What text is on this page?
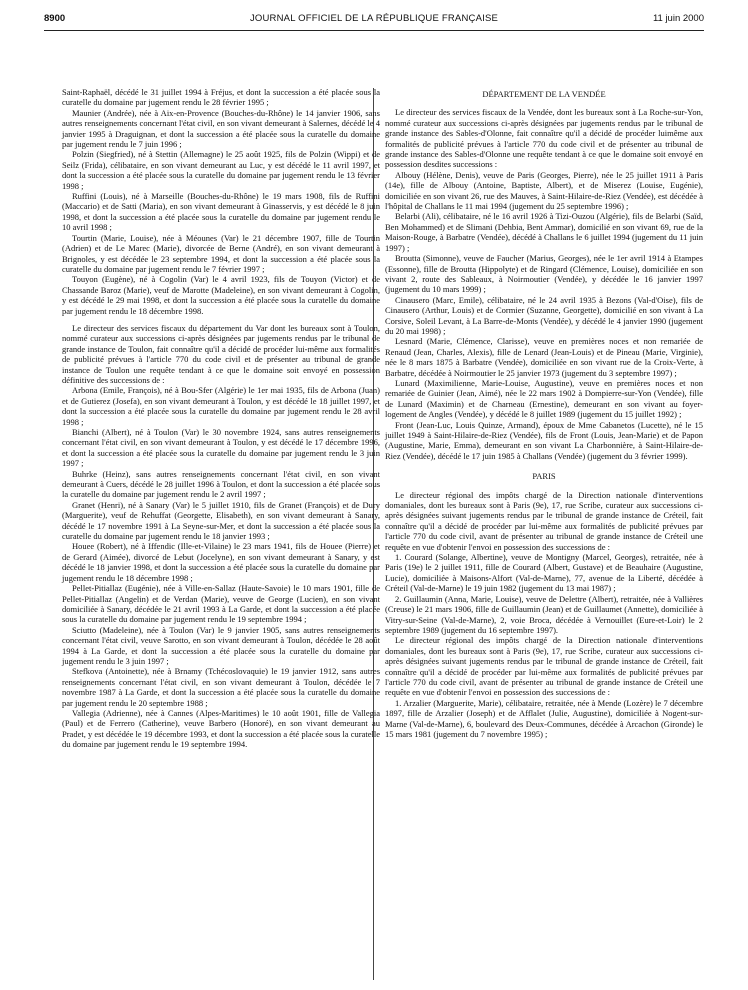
8900	JOURNAL OFFICIEL DE LA RÉPUBLIQUE FRANÇAISE	11 juin 2000

Saint-Raphaël, décédé le 31 juillet 1994 à Fréjus, et dont la succession a été placée sous la curatelle du domaine par jugement rendu le 28 février 1995 ;

Maunier (Andrée), née à Aix-en-Provence (Bouches-du-Rhône) le 14 janvier 1906, sans autres renseignements concernant l'état civil, en son vivant demeurant à Salernes, décédé le 4 janvier 1995 à Draguignan, et dont la succession a été placée sous la curatelle du domaine par jugement rendu le 7 juin 1996 ;

Polzin (Siegfried), né à Stettin (Allemagne) le 25 août 1925, fils de Polzin (Wippi) et de Seilz (Frida), célibataire, en son vivant demeurant au Luc, y est décédé le 11 avril 1997, et dont la succession a été placée sous la curatelle du domaine par jugement rendu le 13 février 1998 ;

Ruffini (Louis), né à Marseille (Bouches-du-Rhône) le 19 mars 1908, fils de Ruffini (Maccario) et de Satti (Maria), en son vivant demeurant à Ginasservis, y est décédé le 8 juin 1998, et dont la succession a été placée sous la curatelle du domaine par jugement rendu le 10 avril 1998 ;

Tourtin (Marie, Louise), née à Méounes (Var) le 21 décembre 1907, fille de Tourtin (Adrien) et de Le Marec (Marie), divorcée de Berne (André), en son vivant demeurant à Brignoles, y est décédée le 23 septembre 1994, et dont la succession a été placée sous la curatelle du domaine par jugement rendu le 7 février 1997 ;

Touyon (Eugène), né à Cogolin (Var) le 4 avril 1923, fils de Touyon (Victor) et de Chassande Baroz (Marie), veuf de Marotte (Madeleine), en son vivant demeurant à Cogolin, y est décédé le 29 mai 1998, et dont la succession a été placée sous la curatelle du domaine par jugement rendu le 18 décembre 1998.

Le directeur des services fiscaux du département du Var dont les bureaux sont à Toulon, nommé curateur aux successions ci-après désignées par jugements rendus par le tribunal de grande instance de Toulon, fait connaître qu'il a décidé de procéder lui-même aux formalités de publicité prévues à l'article 770 du code civil et de présenter au tribunal de grande instance de Toulon une requête tendant à ce que le domaine soit envoyé en possession définitive des successions de :

Arbona (Emile, François), né à Bou-Sfer (Algérie) le 1er mai 1935, fils de Arbona (Juan) et de Gutierez (Josefa), en son vivant demeurant à Toulon, y est décédé le 18 juillet 1997, et dont la succession a été placée sous la curatelle du domaine par jugement rendu le 28 avril 1998 ;

Bianchi (Albert), né à Toulon (Var) le 30 novembre 1924, sans autres renseignements concernant l'état civil, en son vivant demeurant à Toulon, y est décédé le 17 décembre 1996, et dont la succession a été placée sous la curatelle du domaine par jugement rendu le 3 juin 1997 ;

Buhrke (Heinz), sans autres renseignements concernant l'état civil, en son vivant demeurant à Cuers, décédé le 28 juillet 1996 à Toulon, et dont la succession a été placée sous la curatelle du domaine par jugement rendu le 2 avril 1997 ;

Granet (Henri), né à Sanary (Var) le 5 juillet 1910, fils de Granet (François) et de Dury (Marguerite), veuf de Rehuffat (Georgette, Elisabeth), en son vivant demeurant à Sanary, décédé le 17 novembre 1991 à La Seyne-sur-Mer, et dont la succession a été placée sous la curatelle du domaine par jugement rendu le 18 janvier 1993 ;

Houee (Robert), né à Iffendic (Ille-et-Vilaine) le 23 mars 1941, fils de Houee (Pierre) et de Gerard (Aimée), divorcé de Lebut (Jocelyne), en son vivant demeurant à Sanary, y est décédé le 18 janvier 1998, et dont la succession a été placée sous la curatelle du domaine par jugement rendu le 18 décembre 1998 ;

Pellet-Pitiallaz (Eugénie), née à Ville-en-Sallaz (Haute-Savoie) le 10 mars 1901, fille de Pellet-Pitiallaz (Angelin) et de Verdan (Marie), veuve de George (Lucien), en son vivant domiciliée à Sanary, décédée le 21 avril 1993 à La Garde, et dont la succession a été placée sous la curatelle du domaine par jugement rendu le 19 septembre 1994 ;

Sciutto (Madeleine), née à Toulon (Var) le 9 janvier 1905, sans autres renseignements concernant l'état civil, veuve Sarotto, en son vivant demeurant à Toulon, décédée le 28 août 1994 à La Garde, et dont la succession a été placée sous la curatelle du domaine par jugement rendu le 3 juin 1997 ;

Stefkova (Antoinette), née à Brnamy (Tchécoslovaquie) le 19 janvier 1912, sans autres renseignements concernant l'état civil, en son vivant demeurant à Toulon, décédée le 7 novembre 1987 à La Garde, et dont la succession a été placée sous la curatelle du domaine par jugement rendu le 20 septembre 1988 ;

Vallegia (Adrienne), née à Cannes (Alpes-Maritimes) le 10 août 1901, fille de Vallegia (Paul) et de Ferrero (Catherine), veuve Barbero (Honoré), en son vivant demeurant au Pradet, y est décédée le 19 décembre 1993, et dont la succession a été placée sous la curatelle du domaine par jugement rendu le 19 septembre 1994.

DÉPARTEMENT DE LA VENDÉE

Le directeur des services fiscaux de la Vendée, dont les bureaux sont à La Roche-sur-Yon, nommé curateur aux successions ci-après désignées par jugements rendus par le tribunal de grande instance des Sables-d'Olonne, fait connaître qu'il a décidé de procéder luimême aux formalités de publicité prévues à l'article 770 du code civil et de présenter au tribunal de grande instance des Sables-d'Olonne une requête tendant à ce que le domaine soit envoyé en possession desdites successions :

Albouy (Hélène, Denis), veuve de Paris (Georges, Pierre), née le 25 juillet 1911 à Paris (14e), fille de Albouy (Antoine, Baptiste, Albert), et de Miserez (Louise, Eugénie), domiciliée en son vivant 26, rue des Mauves, à Saint-Hilaire-de-Riez (Vendée), est décédée à l'hôpital de Challans le 11 mai 1994 (jugement du 25 septembre 1996) ;

Belarbi (Ali), célibataire, né le 16 avril 1926 à Tizi-Ouzou (Algérie), fils de Belarbi (Saïd, Ben Mohammed) et de Slimani (Dehbia, Bent Ammar), domicilié en son vivant 69, rue de la Maison-Rouge, à Barbatre (Vendée), décédé à Challans le 6 juillet 1994 (jugement du 11 juin 1997) ;

Broutta (Simonne), veuve de Faucher (Marius, Georges), née le 1er avril 1914 à Etampes (Essonne), fille de Broutta (Hippolyte) et de Ringard (Clémence, Louise), domiciliée en son vivant 2, route des Sableaux, à Noirmoutier (Vendée), y décédée le 16 janvier 1997 (jugement du 10 mars 1999) ;

Cinausero (Marc, Emile), célibataire, né le 24 avril 1935 à Bezons (Val-d'Oise), fils de Cinausero (Arthur, Louis) et de Cormier (Suzanne, Georgette), domicilié en son vivant à La Corsive, Soleil Levant, à La Barre-de-Monts (Vendée), y décédé le 4 janvier 1990 (jugement du 20 mai 1998) ;

Lesnard (Marie, Clémence, Clarisse), veuve en premières noces et non remariée de Renaud (Jean, Charles, Alexis), fille de Lenard (Jean-Louis) et de Pineau (Marie, Virginie), née le 8 mars 1875 à Barbatre (Vendée), domiciliée en son vivant rue de la Croix-Verte, à Barbatre, décédée à Noirmoutier le 25 janvier 1973 (jugement du 3 septembre 1997) ;

Lunard (Maximilienne, Marie-Louise, Augustine), veuve en premières noces et non remariée de Guinier (Jean, Aimé), née le 22 mars 1902 à Dompierre-sur-Yon (Vendée), fille de Lunard (Maximin) et de Charneau (Ernestine), demeurant en son vivant au foyer-logement de Angles (Vendée), y décédé le 8 juillet 1989 (jugement du 15 juillet 1992) ;

Front (Jean-Luc, Louis Quinze, Armand), époux de Mme Cabanetos (Lucette), né le 15 juillet 1949 à Saint-Hilaire-de-Riez (Vendée), fils de Front (Louis, Jean-Marie) et de Papon (Augustine, Marie, Emma), demeurant en son vivant La Charbonnière, à Saint-Hilaire-de-Riez (Vendée), décédé le 17 juin 1985 à Challans (Vendée) (jugement du 3 février 1999).

PARIS

Le directeur régional des impôts chargé de la Direction nationale d'interventions domaniales, dont les bureaux sont à Paris (9e), 17, rue Scribe, curateur aux successions ci-après désignées suivant jugements rendus par le tribunal de grande instance de Créteil, fait connaître qu'il a décidé de procéder par lui-même aux formalités de publicité prévues par l'article 770 du code civil, avant de présenter au tribunal de grande instance de Créteil une requête en vue d'obtenir l'envoi en possession des successions de :

1. Courard (Solange, Albertine), veuve de Montigny (Marcel, Georges), retraitée, née à Paris (19e) le 2 juillet 1911, fille de Courard (Albert, Gustave) et de Beauhaire (Augustine, Lucie), domiciliée à Maisons-Alfort (Val-de-Marne), 77, avenue de la Liberté, décédée à Créteil (Val-de-Marne) le 19 juin 1982 (jugement du 13 mai 1987) ;

2. Guillaumin (Anna, Marie, Louise), veuve de Delettre (Albert), retraitée, née à Vallières (Creuse) le 21 mars 1906, fille de Guillaumin (Jean) et de Guillaumet (Annette), domiciliée à Vitry-sur-Seine (Val-de-Marne), 2, voie Broca, décédée à Vernouillet (Eure-et-Loir) le 2 septembre 1989 (jugement du 16 septembre 1997).

Le directeur régional des impôts chargé de la Direction nationale d'interventions domaniales, dont les bureaux sont à Paris (9e), 17, rue Scribe, curateur aux successions ci-après désignées suivant jugements rendus par le tribunal de grande instance de Créteil, fait connaître qu'il a décidé de procéder par lui-même aux formalités de publicité prévues par l'article 770 du code civil, avant de présenter au tribunal de grande instance de Créteil une requête en vue d'obtenir l'envoi en possession des successions de :

1. Arzalier (Marguerite, Marie), célibataire, retraitée, née à Mende (Lozère) le 7 décembre 1897, fille de Arzalier (Joseph) et de Afflalet (Julie, Augustine), domiciliée à Nogent-sur-Marne (Val-de-Marne), 6, boulevard des Deux-Communes, décédée à Arcachon (Gironde) le 15 mars 1981 (jugement du 7 novembre 1995) ;
